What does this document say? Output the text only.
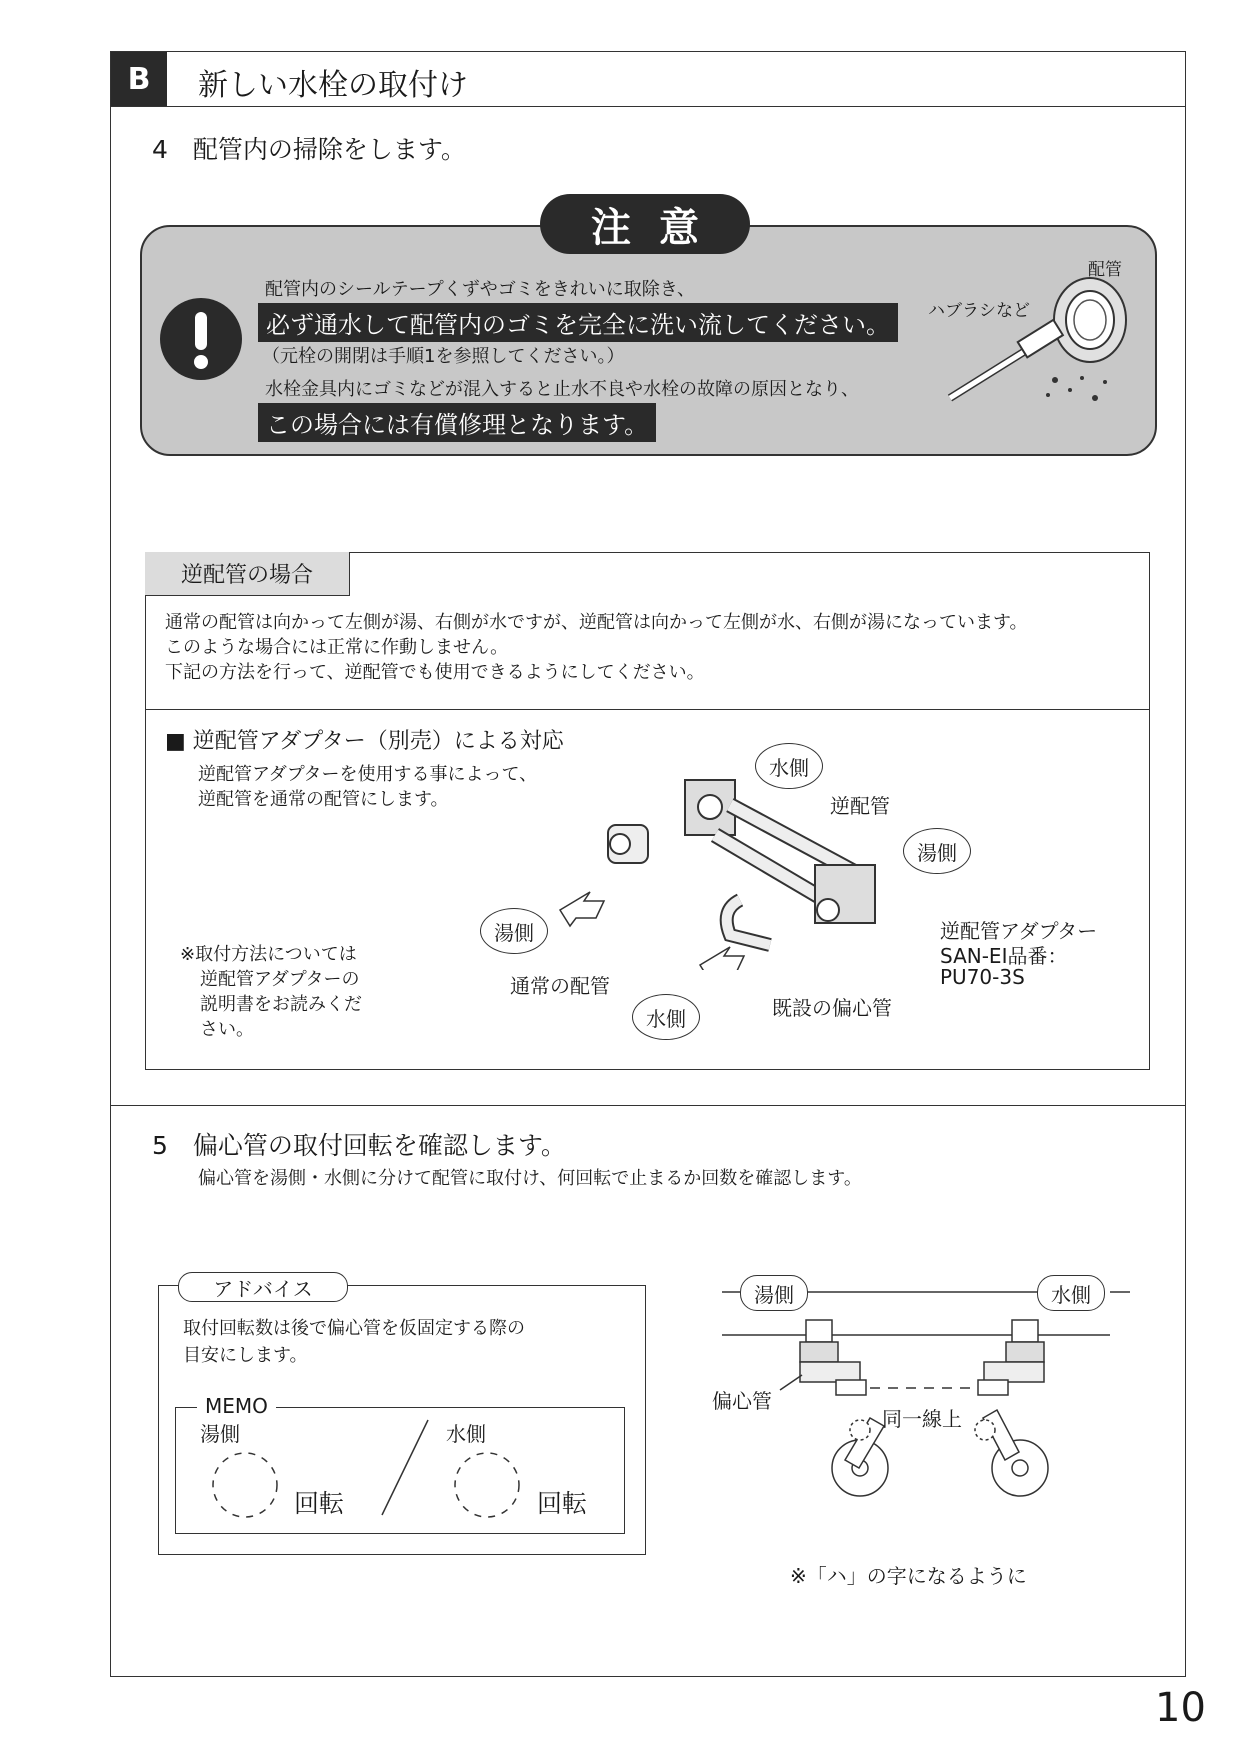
B	新しい水栓の取付け
4　配管内の掃除をします。
注意
配管内のシールテープくずやゴミをきれいに取除き、
必ず通水して配管内のゴミを完全に洗い流してください。
（元栓の開閉は手順1を参照してください。）
水栓金具内にゴミなどが混入すると止水不良や水栓の故障の原因となり、
この場合には有償修理となります。
配管
ハブラシなど
逆配管の場合
通常の配管は向かって左側が湯、右側が水ですが、逆配管は向かって左側が水、右側が湯になっています。
このような場合には正常に作動しません。
下記の方法を行って、逆配管でも使用できるようにしてください。
■ 逆配管アダプター（別売）による対応
逆配管アダプターを使用する事によって、
逆配管を通常の配管にします。
※取付方法については
逆配管アダプターの
説明書をお読みくだ
さい。
水側
逆配管
湯側
湯側
通常の配管
水側	既設の偏心管
逆配管アダプター
SAN-EI品番：
PU70-3S
5　偏心管の取付回転を確認します。
偏心管を湯側・水側に分けて配管に取付け、何回転で止まるか回数を確認します。
アドバイス
取付回転数は後で偏心管を仮固定する際の
目安にします。
MEMO
湯側	水側
回転	回転
湯側	水側
偏心管
同一線上
※「ハ」の字になるように
10
